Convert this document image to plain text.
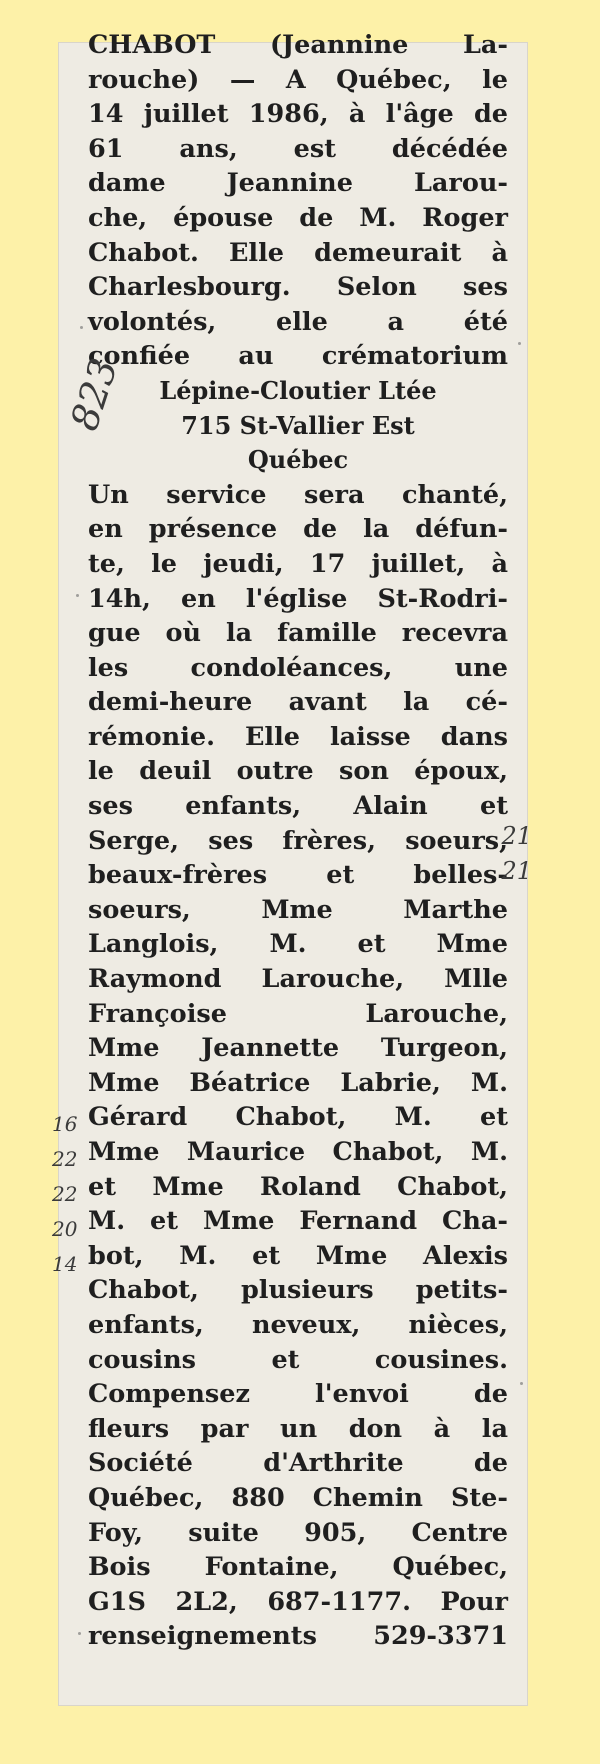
CHABOT (Jeannine La-
rouche) — A Québec, le
14 juillet 1986, à l'âge de
61 ans, est décédée
dame Jeannine Larou-
che, épouse de M. Roger
Chabot. Elle demeurait à
Charlesbourg. Selon ses
volontés, elle a été
confiée au crématorium
Lépine-Cloutier Ltée
715 St-Vallier Est
Québec
Un service sera chanté,
en présence de la défun-
te, le jeudi, 17 juillet, à
14h, en l'église St-Rodri-
gue où la famille recevra
les condoléances, une
demi-heure avant la cé-
rémonie. Elle laisse dans
le deuil outre son époux,
ses enfants, Alain et
Serge, ses frères, soeurs,
beaux-frères et belles-
soeurs, Mme Marthe
Langlois, M. et Mme
Raymond Larouche, Mlle
Françoise Larouche,
Mme Jeannette Turgeon,
Mme Béatrice Labrie, M.
Gérard Chabot, M. et
Mme Maurice Chabot, M.
et Mme Roland Chabot,
M. et Mme Fernand Cha-
bot, M. et Mme Alexis
Chabot, plusieurs petits-
enfants, neveux, nièces,
cousins et cousines.
Compensez l'envoi de
fleurs par un don à la
Société d'Arthrite de
Québec, 880 Chemin Ste-
Foy, suite 905, Centre
Bois Fontaine, Québec,
G1S 2L2, 687-1177. Pour
renseignements 529-3371
823
21
21
16
22
22
20
14
